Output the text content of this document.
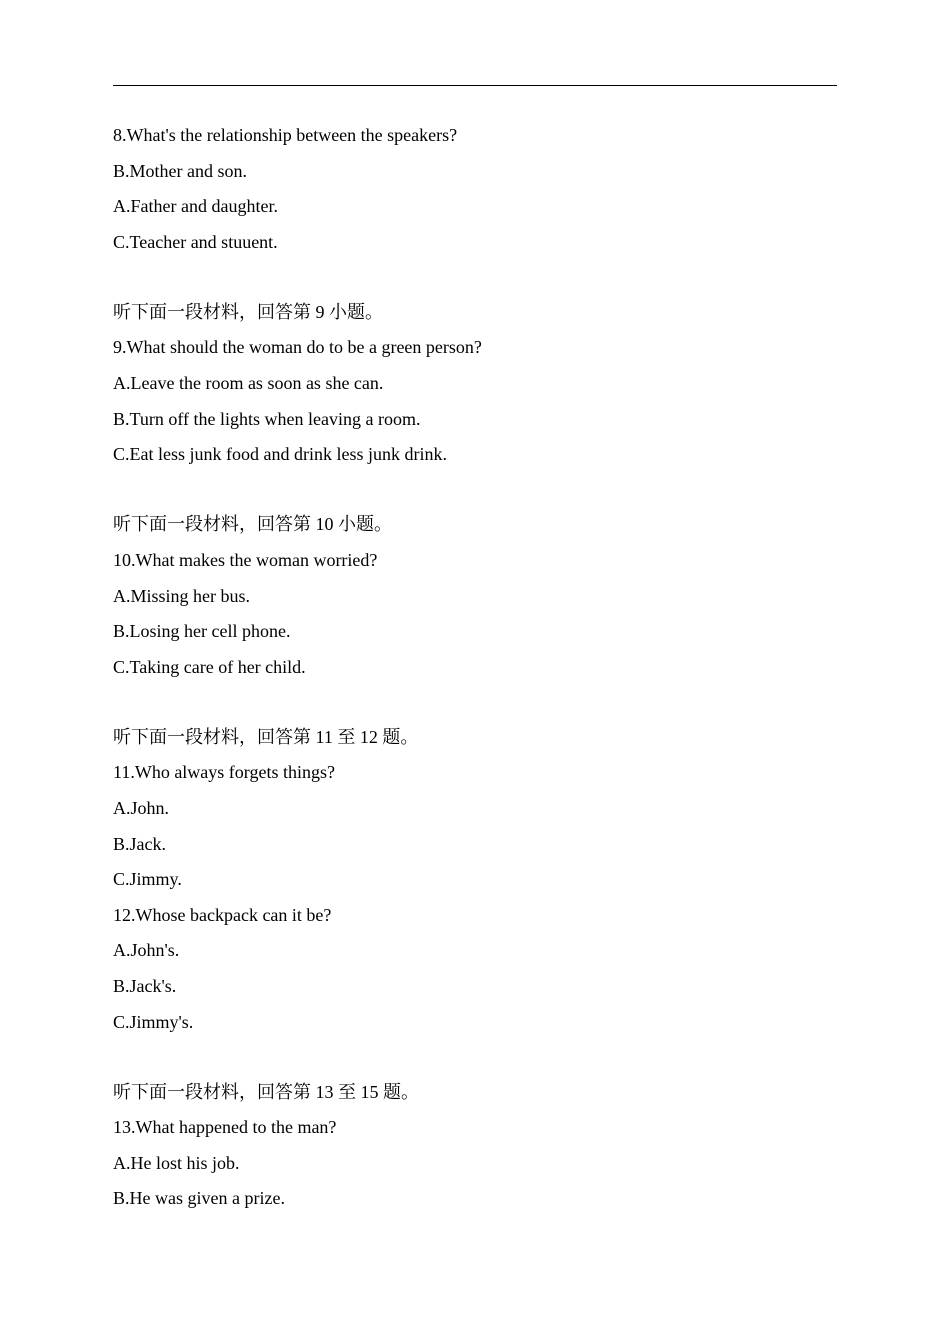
8.What's the relationship between the speakers?
B.Mother and son.
A.Father and daughter.
C.Teacher and stuuent.
听下面一段材料，回答第 9 小题。
9.What should the woman do to be a green person?
A.Leave the room as soon as she can.
B.Turn off the lights when leaving a room.
C.Eat less junk food and drink less junk drink.
听下面一段材料，回答第 10 小题。
10.What makes the woman worried?
A.Missing her bus.
B.Losing her cell phone.
C.Taking care of her child.
听下面一段材料，回答第 11 至 12 题。
11.Who always forgets things?
A.John.
B.Jack.
C.Jimmy.
12.Whose backpack can it be?
A.John's.
B.Jack's.
C.Jimmy's.
听下面一段材料，回答第 13 至 15 题。
13.What happened to the man?
A.He lost his job.
B.He was given a prize.
